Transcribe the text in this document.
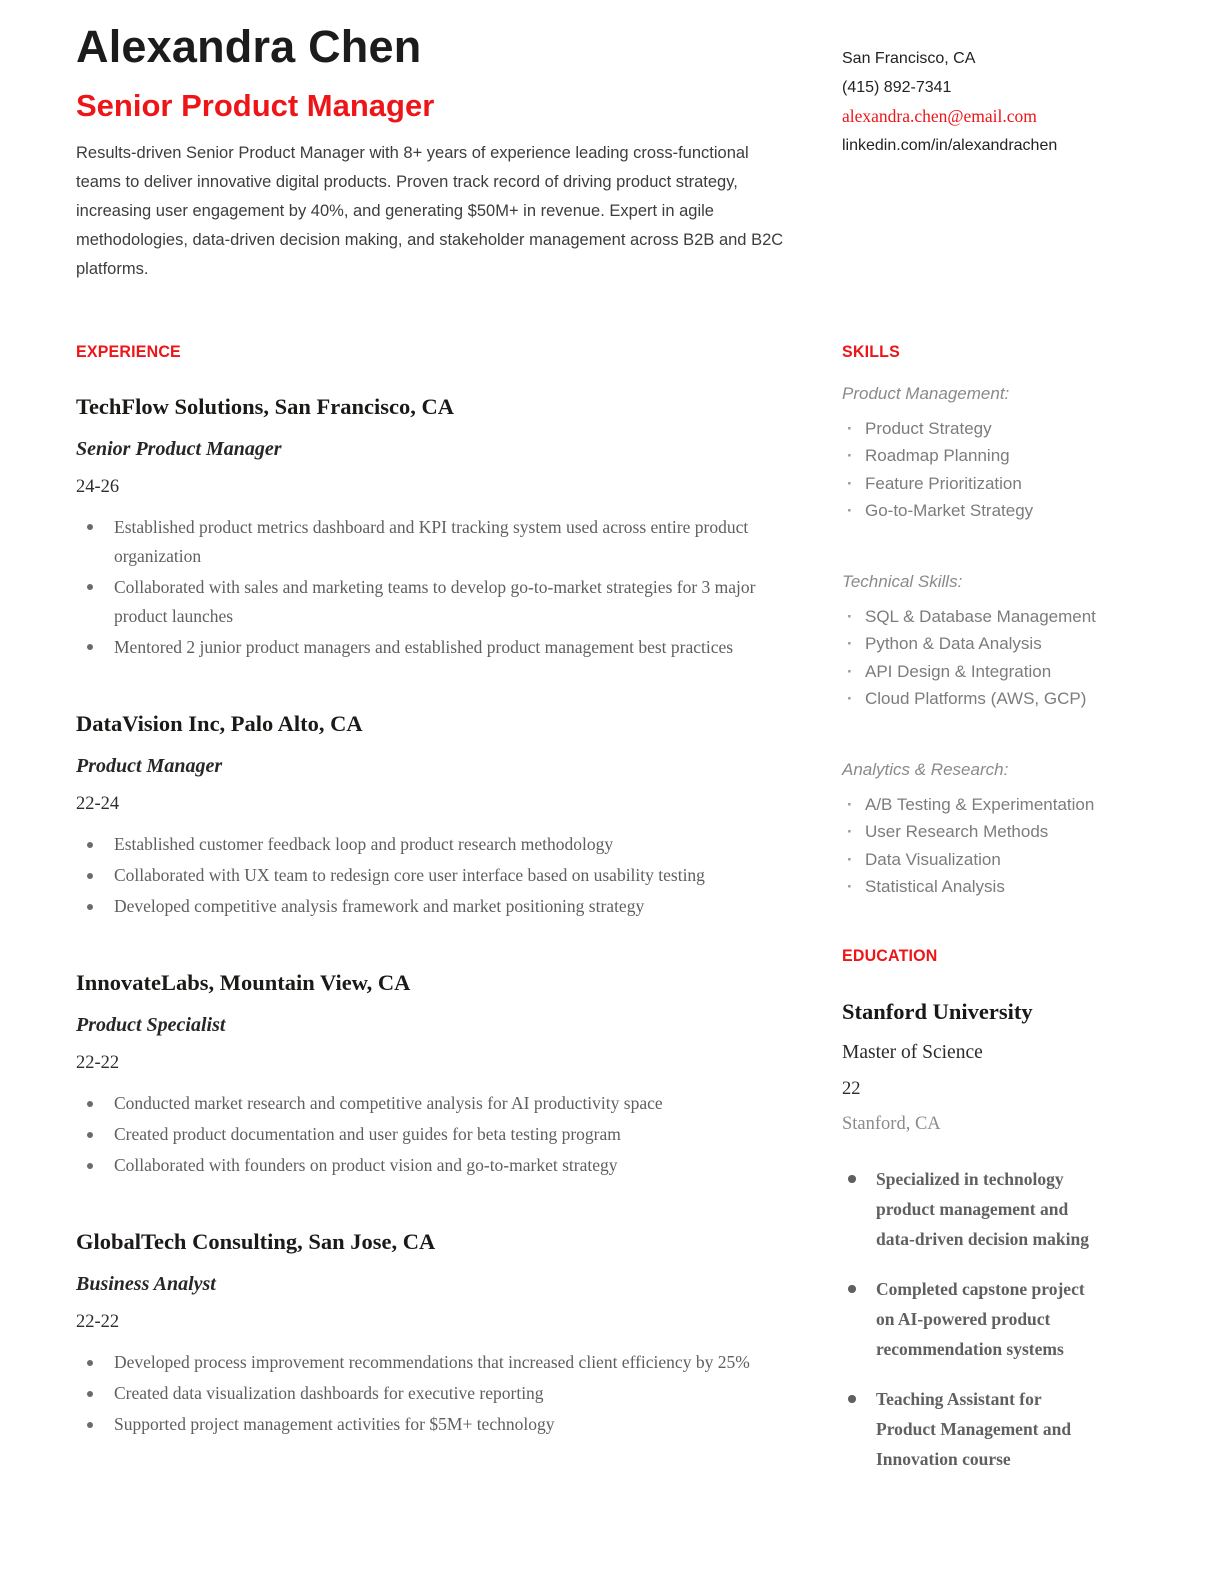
Alexandra Chen
Senior Product Manager

Results-driven Senior Product Manager with 8+ years of experience leading cross-functional teams to deliver innovative digital products. Proven track record of driving product strategy, increasing user engagement by 40%, and generating $50M+ in revenue. Expert in agile methodologies, data-driven decision making, and stakeholder management across B2B and B2C platforms.

San Francisco, CA
(415) 892-7341
alexandra.chen@email.com
linkedin.com/in/alexandrachen
EXPERIENCE
TechFlow Solutions, San Francisco, CA
Senior Product Manager
24-26
Established product metrics dashboard and KPI tracking system used across entire product organization
Collaborated with sales and marketing teams to develop go-to-market strategies for 3 major product launches
Mentored 2 junior product managers and established product management best practices
DataVision Inc, Palo Alto, CA
Product Manager
22-24
Established customer feedback loop and product research methodology
Collaborated with UX team to redesign core user interface based on usability testing
Developed competitive analysis framework and market positioning strategy
InnovateLabs, Mountain View, CA
Product Specialist
22-22
Conducted market research and competitive analysis for AI productivity space
Created product documentation and user guides for beta testing program
Collaborated with founders on product vision and go-to-market strategy
GlobalTech Consulting, San Jose, CA
Business Analyst
22-22
Developed process improvement recommendations that increased client efficiency by 25%
Created data visualization dashboards for executive reporting
Supported project management activities for $5M+ technology
SKILLS
Product Management:
· Product Strategy
· Roadmap Planning
· Feature Prioritization
· Go-to-Market Strategy
Technical Skills:
· SQL & Database Management
· Python & Data Analysis
· API Design & Integration
· Cloud Platforms (AWS, GCP)
Analytics & Research:
· A/B Testing & Experimentation
· User Research Methods
· Data Visualization
· Statistical Analysis
EDUCATION
Stanford University
Master of Science
22
Stanford, CA
Specialized in technology product management and data-driven decision making
Completed capstone project on AI-powered product recommendation systems
Teaching Assistant for Product Management and Innovation course
